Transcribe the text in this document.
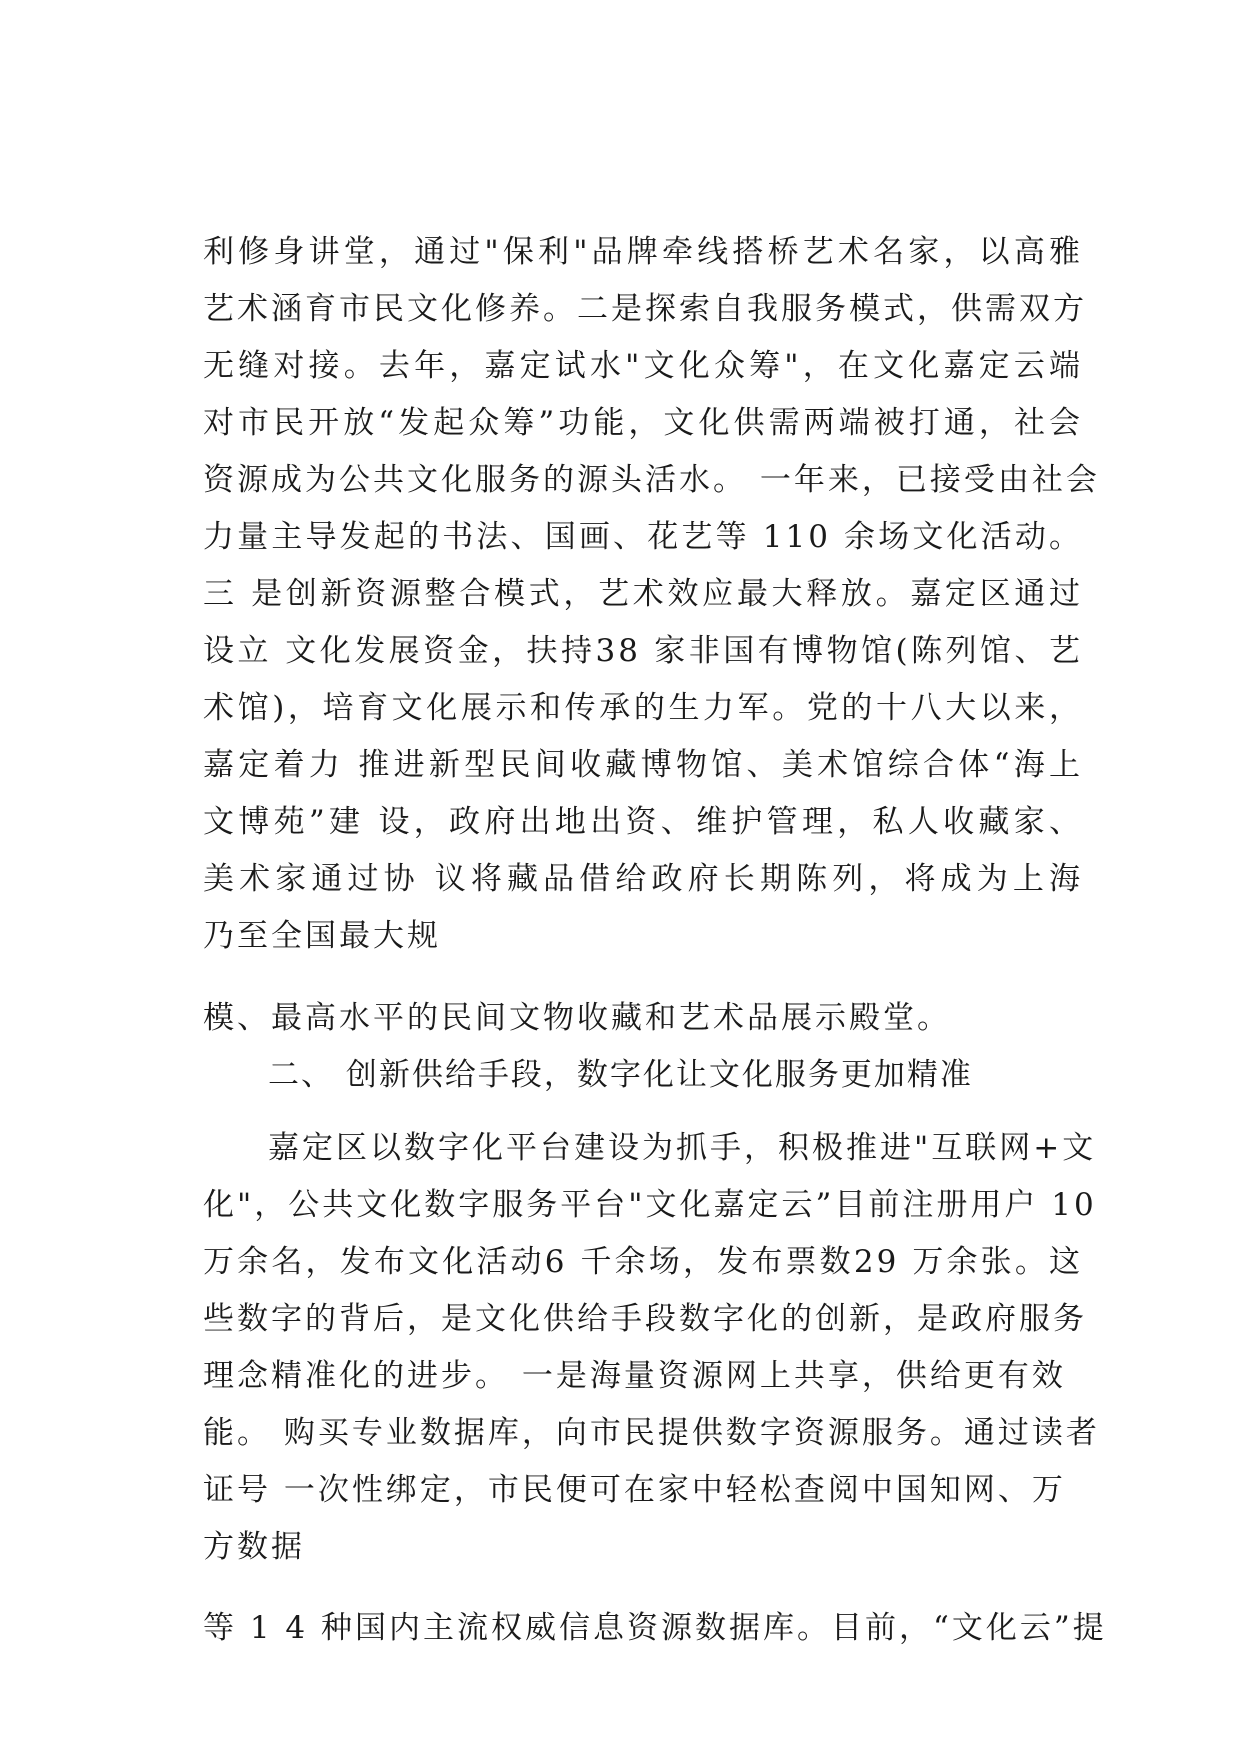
利修身讲堂，通过"保利"品牌牵线搭桥艺术名家，以高雅
艺术涵育市民文化修养。二是探索自我服务模式，供需双方
无缝对接。去年，嘉定试水"文化众筹"，在文化嘉定云端
对市民开放“发起众筹”功能，文化供需两端被打通，社会
资源成为公共文化服务的源头活水。 一年来，已接受由社会
力量主导发起的书法、国画、花艺等 110 余场文化活动。
三 是创新资源整合模式，艺术效应最大释放。嘉定区通过
设立 文化发展资金，扶持38 家非国有博物馆(陈列馆、艺
术馆)，培育文化展示和传承的生力军。党的十八大以来，
嘉定着力 推进新型民间收藏博物馆、美术馆综合体“海上
文博苑”建 设，政府出地出资、维护管理，私人收藏家、
美术家通过协 议将藏品借给政府长期陈列，将成为上海
乃至全国最大规
模、最高水平的民间文物收藏和艺术品展示殿堂。
二、 创新供给手段，数字化让文化服务更加精准
嘉定区以数字化平台建设为抓手，积极推进"互联网+文
化"，公共文化数字服务平台"文化嘉定云”目前注册用户 10
万余名，发布文化活动6 千余场，发布票数29 万余张。这
些数字的背后，是文化供给手段数字化的创新，是政府服务
理念精准化的进步。 一是海量资源网上共享，供给更有效
能。 购买专业数据库，向市民提供数字资源服务。通过读者
证号 一次性绑定，市民便可在家中轻松查阅中国知网、万
方数据
等 1 4 种国内主流权威信息资源数据库。目前，“文化云”提
